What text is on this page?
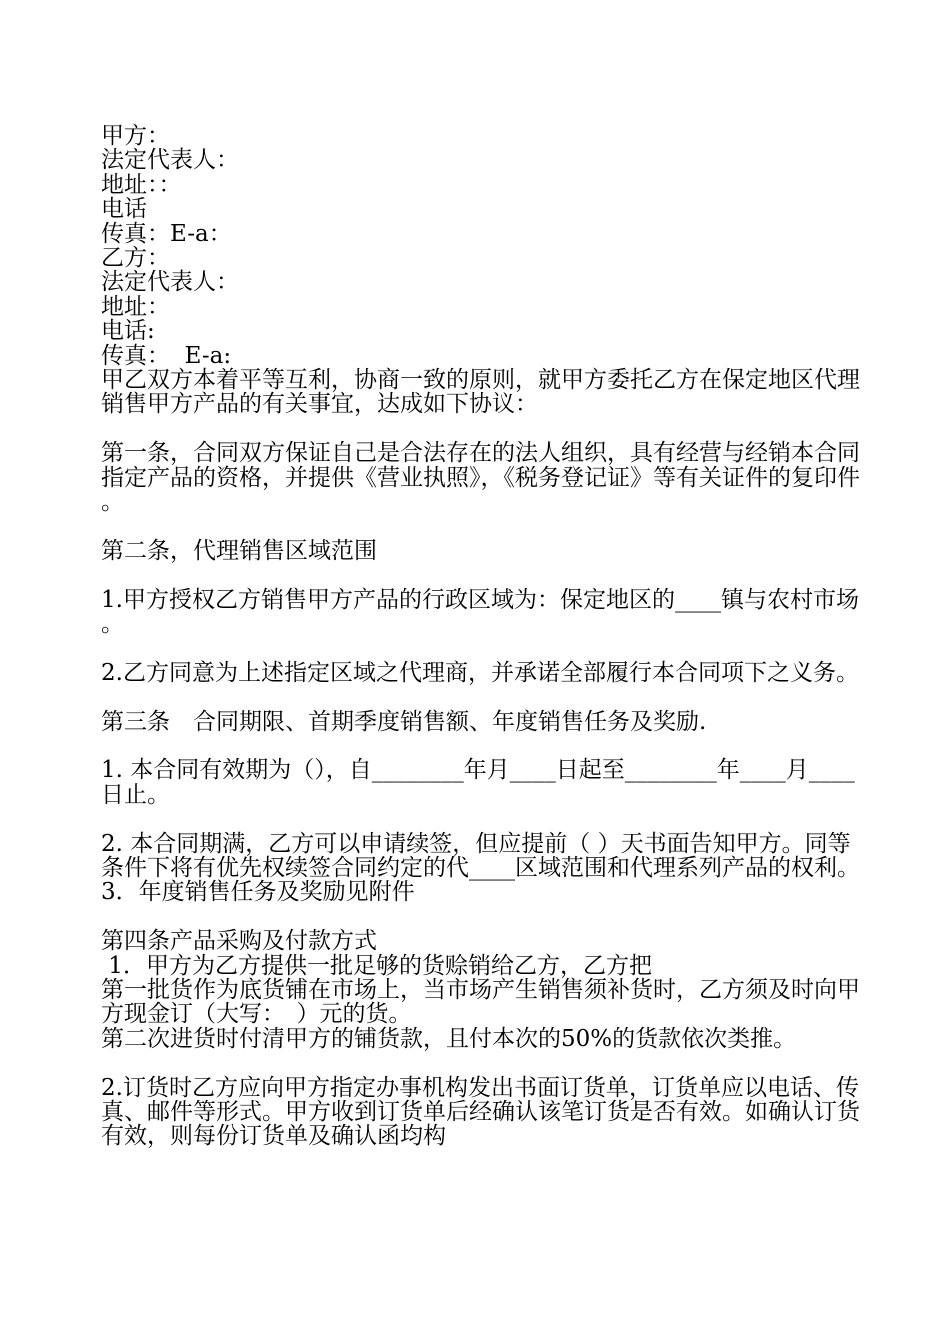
甲方：
法定代表人：
地址：：
电话
传真：E-a：
乙方：
法定代表人：
地址：
电话:
传真：  E-a:
甲乙双方本着平等互利，协商一致的原则，就甲方委托乙方在保定地区代理销售甲方产品的有关事宜，达成如下协议：
第一条，合同双方保证自己是合法存在的法人组织，具有经营与经销本合同指定产品的资格，并提供《营业执照》，《税务登记证》等有关证件的复印件。
第二条，代理销售区域范围
1.甲方授权乙方销售甲方产品的行政区域为：保定地区的____镇与农村市场。
2.乙方同意为上述指定区域之代理商，并承诺全部履行本合同项下之义务。
第三条　合同期限、首期季度销售额、年度销售任务及奖励.
1. 本合同有效期为（），自________年月____日起至________年____月____日止。
2. 本合同期满，乙方可以申请续签，但应提前（ ）天书面告知甲方。同等条件下将有优先权续签合同约定的代____区域范围和代理系列产品的权利。
3．年度销售任务及奖励见附件
第四条产品采购及付款方式
1．甲方为乙方提供一批足够的货赊销给乙方，乙方把
第一批货作为底货铺在市场上，当市场产生销售须补货时，乙方须及时向甲方现金订（大写：　）元的货。
第二次进货时付清甲方的铺货款，且付本次的50%的货款依次类推。
2.订货时乙方应向甲方指定办事机构发出书面订货单，订货单应以电话、传真、邮件等形式。甲方收到订货单后经确认该笔订货是否有效。如确认订货有效，则每份订货单及确认函均构
